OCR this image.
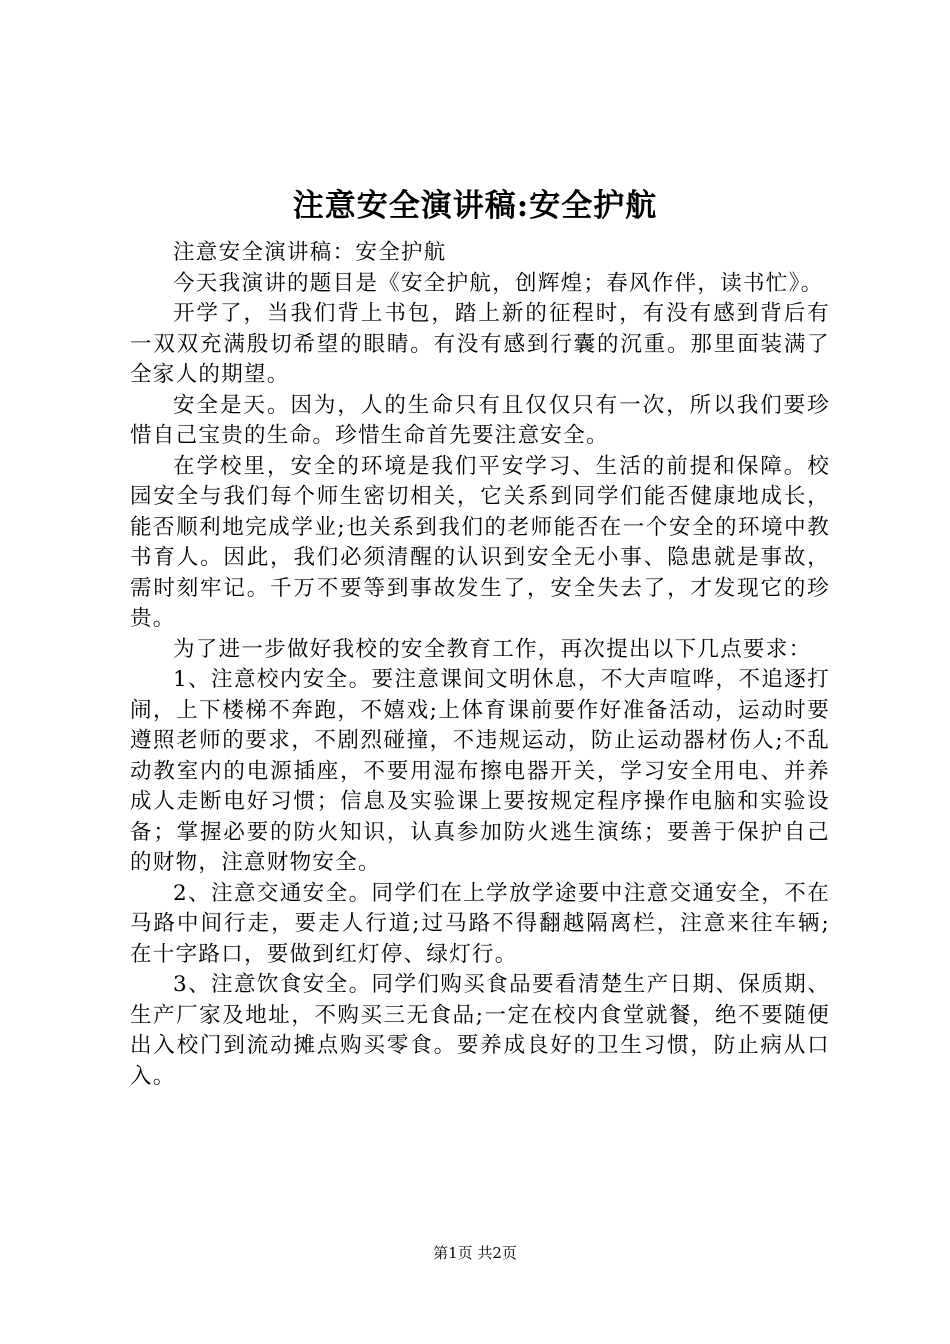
注意安全演讲稿:安全护航

注意安全演讲稿：安全护航

今天我演讲的题目是《安全护航，创辉煌；春风作伴，读书忙》。

开学了，当我们背上书包，踏上新的征程时，有没有感到背后有一双双充满殷切希望的眼睛。有没有感到行囊的沉重。那里面装满了全家人的期望。

安全是天。因为，人的生命只有且仅仅只有一次，所以我们要珍惜自己宝贵的生命。珍惜生命首先要注意安全。

在学校里，安全的环境是我们平安学习、生活的前提和保障。校园安全与我们每个师生密切相关，它关系到同学们能否健康地成长，能否顺利地完成学业;也关系到我们的老师能否在一个安全的环境中教书育人。因此，我们必须清醒的认识到安全无小事、隐患就是事故，需时刻牢记。千万不要等到事故发生了，安全失去了，才发现它的珍贵。

为了进一步做好我校的安全教育工作，再次提出以下几点要求：

1、注意校内安全。要注意课间文明休息，不大声喧哗，不追逐打闹，上下楼梯不奔跑，不嬉戏;上体育课前要作好准备活动，运动时要遵照老师的要求，不剧烈碰撞，不违规运动，防止运动器材伤人;不乱动教室内的电源插座，不要用湿布擦电器开关，学习安全用电、并养成人走断电好习惯；信息及实验课上要按规定程序操作电脑和实验设备；掌握必要的防火知识，认真参加防火逃生演练；要善于保护自己的财物，注意财物安全。

2、注意交通安全。同学们在上学放学途要中注意交通安全，不在马路中间行走，要走人行道;过马路不得翻越隔离栏，注意来往车辆;在十字路口，要做到红灯停、绿灯行。

3、注意饮食安全。同学们购买食品要看清楚生产日期、保质期、生产厂家及地址，不购买三无食品;一定在校内食堂就餐，绝不要随便出入校门到流动摊点购买零食。要养成良好的卫生习惯，防止病从口入。

第1页 共2页
